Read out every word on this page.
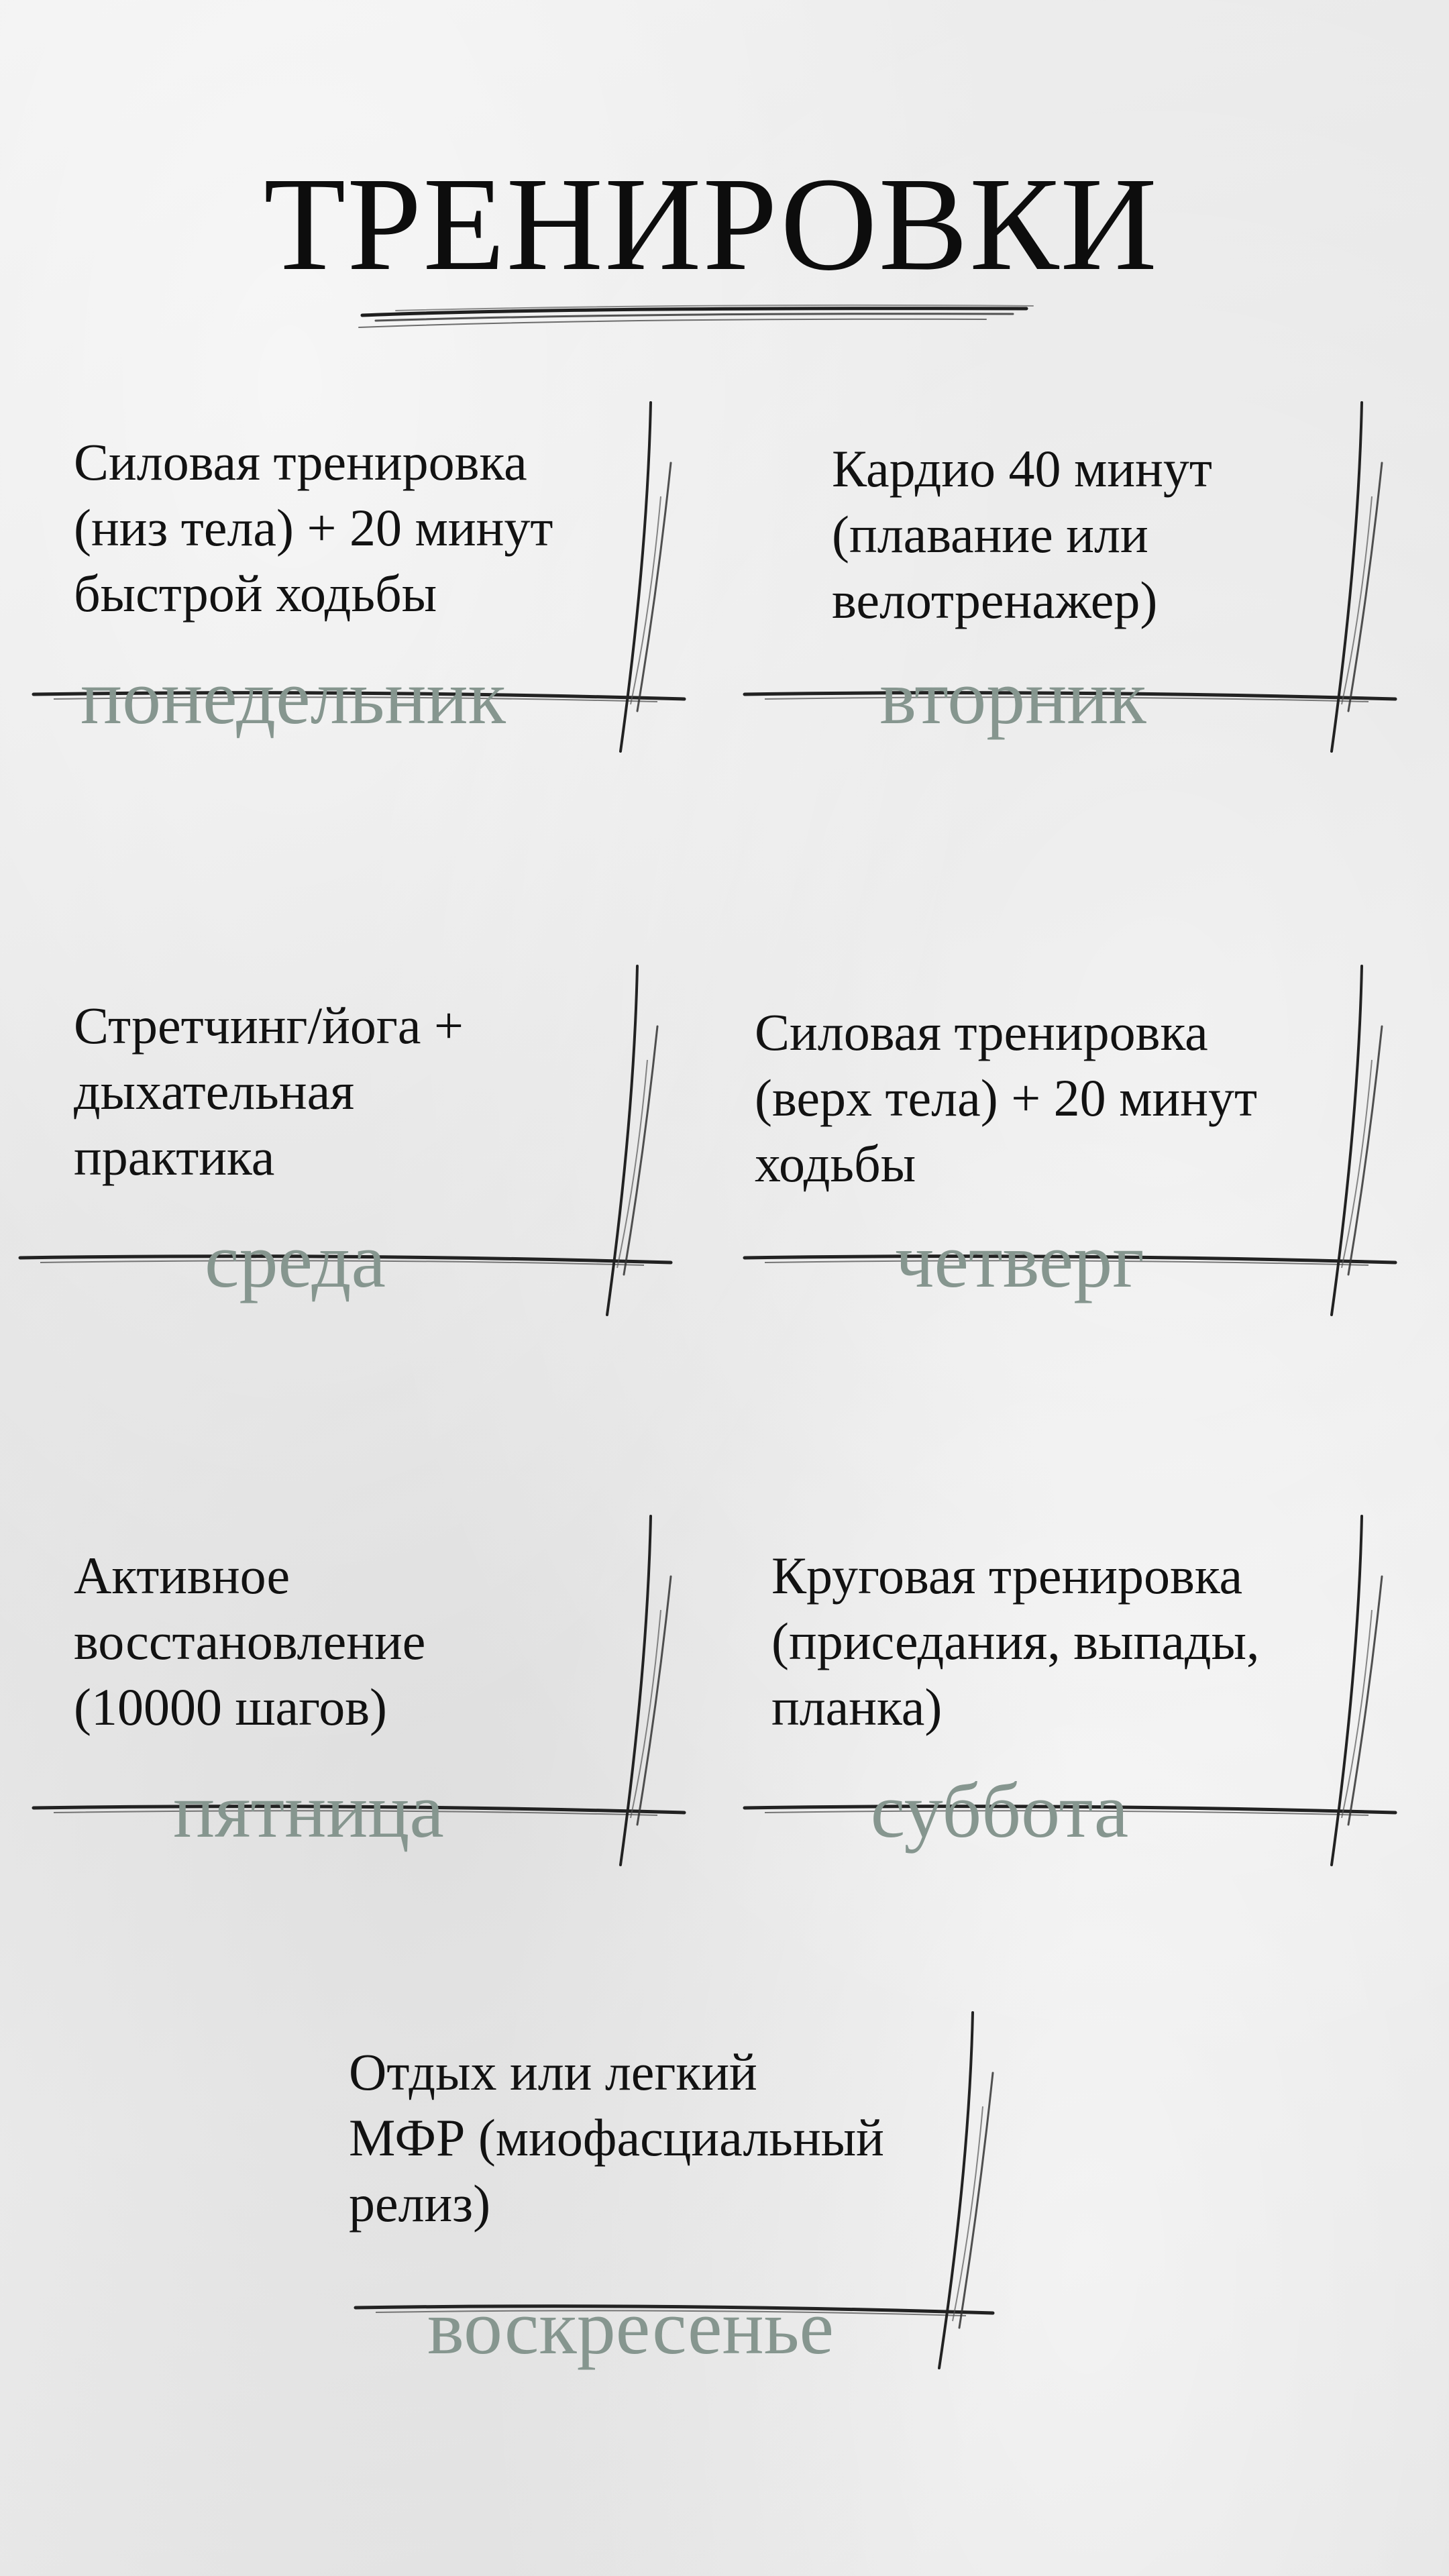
ТРЕНИРОВКИ
Силовая тренировка
(низ тела) + 20 минут
быстрой ходьбы
понедельник
Кардио 40 минут
(плавание или
велотренажер)
вторник
Стретчинг/йога +
дыхательная
практика
среда
Силовая тренировка
(верх тела) + 20 минут
ходьбы
четверг
Активное
восстановление
(10000 шагов)
пятница
Круговая тренировка
(приседания, выпады,
планка)
суббота
Отдых или легкий
МФР (миофасциальный
релиз)
воскресенье
